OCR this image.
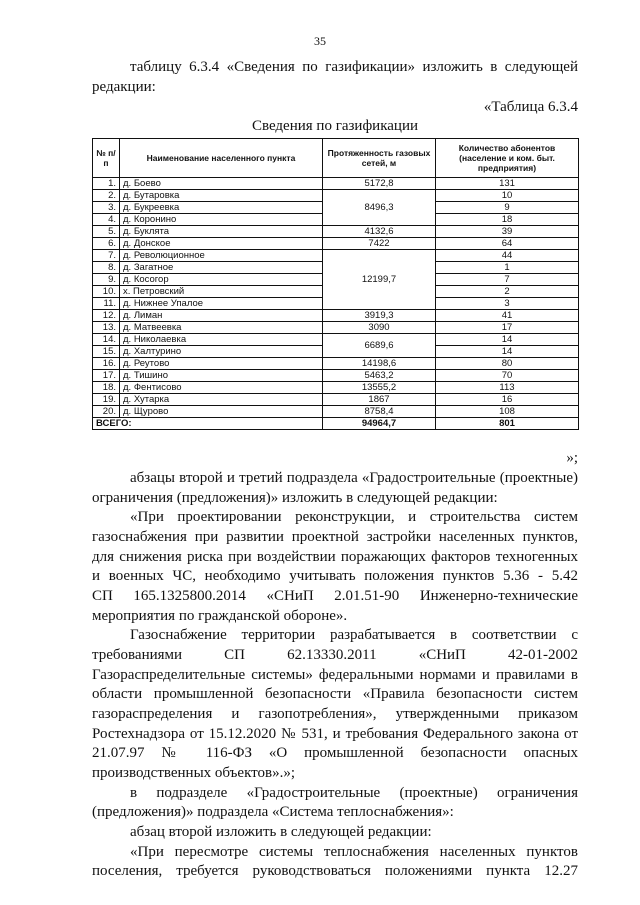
35
таблицу 6.3.4 «Сведения по газификации» изложить в следующей
редакции:
«Таблица 6.3.4
Сведения по газификации
№ п/п	Наименование населенного пункта	Протяженность газовых сетей, м	Количество абонентов (население и ком. быт. предприятия)
1.	д. Боево	5172,8	131
2.	д. Бутаровка	8496,3	10
3.	д. Букреевка		9
4.	д. Коронино		18
5.	д. Буклята	4132,6	39
6.	д. Донское	7422	64
7.	д. Революционное	12199,7	44
8.	д. Загатное		1
9.	д. Косогор		7
10.	х. Петровский		2
11.	д. Нижнее Упалое		3
12.	д. Лиман	3919,3	41
13.	д. Матвеевка	3090	17
14.	д. Николаевка	6689,6	14
15.	д. Халтурино		14
16.	д. Реутово	14198,6	80
17.	д. Тишино	5463,2	70
18.	д. Фентисово	13555,2	113
19.	д. Хутарка	1867	16
20.	д. Щурово	8758,4	108
ВСЕГО:		94964,7	801
»;
абзацы второй и третий подраздела «Градостроительные (проектные)
ограничения (предложения)» изложить в следующей редакции:
«При проектировании реконструкции, и строительства систем
газоснабжения при развитии проектной застройки населенных пунктов,
для снижения риска при воздействии поражающих факторов техногенных
и военных ЧС, необходимо учитывать положения пунктов 5.36 - 5.42
СП 165.1325800.2014 «СНиП 2.01.51-90 Инженерно-технические
мероприятия по гражданской обороне».
Газоснабжение территории разрабатывается в соответствии с
требованиями СП 62.13330.2011 «СНиП 42-01-2002
Газораспределительные системы» федеральными нормами и правилами в
области промышленной безопасности «Правила безопасности систем
газораспределения и газопотребления», утвержденными приказом
Ростехнадзора от 15.12.2020 № 531, и требования Федерального закона от
21.07.97 № 116-ФЗ «О промышленной безопасности опасных
производственных объектов».»;
в подразделе «Градостроительные (проектные) ограничения
(предложения)» подраздела «Система теплоснабжения»:
абзац второй изложить в следующей редакции:
«При пересмотре системы теплоснабжения населенных пунктов
поселения, требуется руководствоваться положениями пункта 12.27
